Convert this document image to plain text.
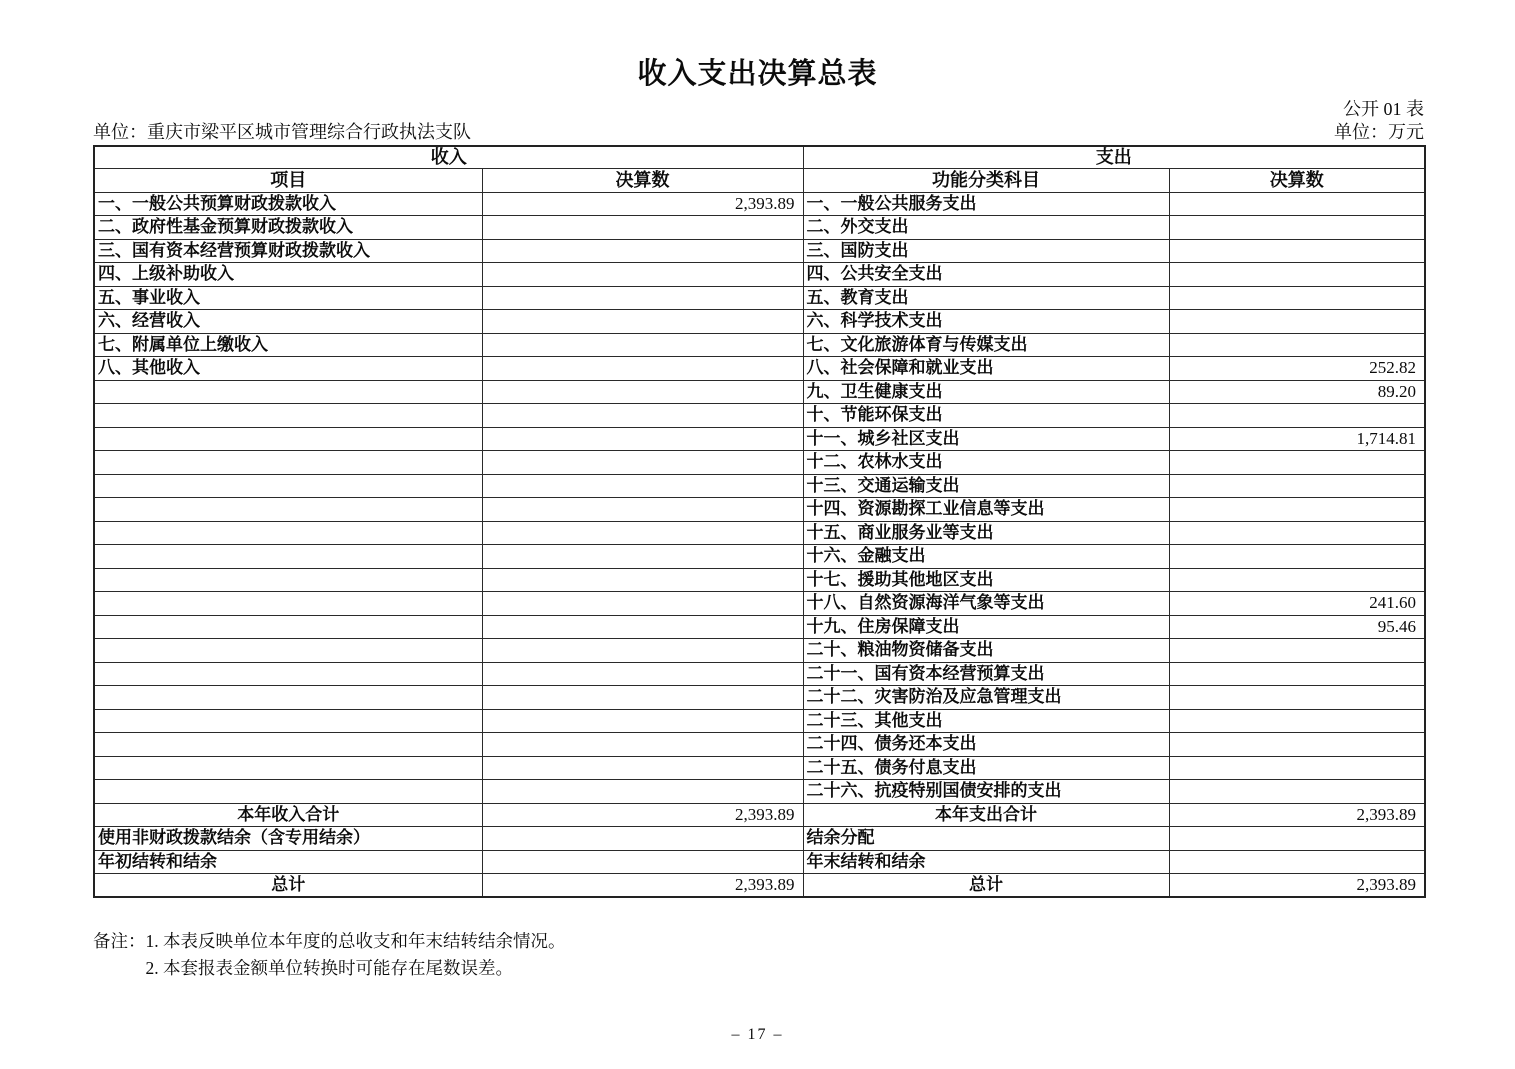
收入支出决算总表
公开 01 表
单位：重庆市梁平区城市管理综合行政执法支队	单位：万元
收入		支出	
项目	决算数	功能分类科目	决算数
一、一般公共预算财政拨款收入	2,393.89	一、一般公共服务支出	
二、政府性基金预算财政拨款收入		二、外交支出	
三、国有资本经营预算财政拨款收入		三、国防支出	
四、上级补助收入		四、公共安全支出	
五、事业收入		五、教育支出	
六、经营收入		六、科学技术支出	
七、附属单位上缴收入		七、文化旅游体育与传媒支出	
八、其他收入		八、社会保障和就业支出	252.82
		九、卫生健康支出	89.20
		十、节能环保支出	
		十一、城乡社区支出	1,714.81
		十二、农林水支出	
		十三、交通运输支出	
		十四、资源勘探工业信息等支出	
		十五、商业服务业等支出	
		十六、金融支出	
		十七、援助其他地区支出	
		十八、自然资源海洋气象等支出	241.60
		十九、住房保障支出	95.46
		二十、粮油物资储备支出	
		二十一、国有资本经营预算支出	
		二十二、灾害防治及应急管理支出	
		二十三、其他支出	
		二十四、债务还本支出	
		二十五、债务付息支出	
		二十六、抗疫特别国债安排的支出	
本年收入合计	2,393.89	本年支出合计	2,393.89
使用非财政拨款结余（含专用结余）		结余分配	
年初结转和结余		年末结转和结余	
总计	2,393.89	总计	2,393.89
备注： 1. 本表反映单位本年度的总收支和年末结转结余情况。
2. 本套报表金额单位转换时可能存在尾数误差。
– 17 –
